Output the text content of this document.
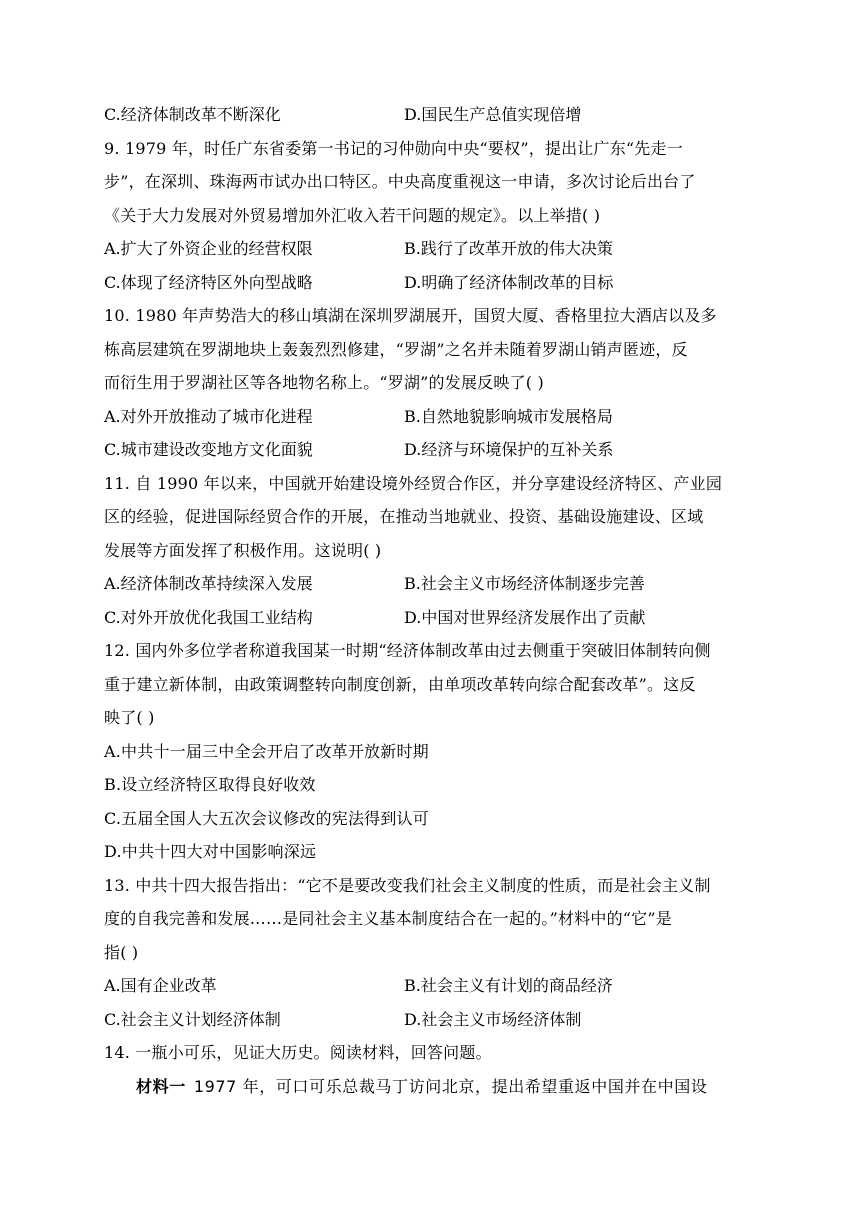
C.经济体制改革不断深化	D.国民生产总值实现倍增
9. 1979 年，时任广东省委第一书记的习仲勋向中央“要权”，提出让广东“先走一
步”，在深圳、珠海两市试办出口特区。中央高度重视这一申请，多次讨论后出台了
《关于大力发展对外贸易增加外汇收入若干问题的规定》。以上举措( )
A.扩大了外资企业的经营权限	B.践行了改革开放的伟大决策
C.体现了经济特区外向型战略	D.明确了经济体制改革的目标
10. 1980 年声势浩大的移山填湖在深圳罗湖展开，国贸大厦、香格里拉大酒店以及多
栋高层建筑在罗湖地块上轰轰烈烈修建，“罗湖”之名并未随着罗湖山销声匿迹，反
而衍生用于罗湖社区等各地物名称上。“罗湖”的发展反映了( )
A.对外开放推动了城市化进程	B.自然地貌影响城市发展格局
C.城市建设改变地方文化面貌	D.经济与环境保护的互补关系
11. 自 1990 年以来，中国就开始建设境外经贸合作区，并分享建设经济特区、产业园
区的经验，促进国际经贸合作的开展，在推动当地就业、投资、基础设施建设、区域
发展等方面发挥了积极作用。这说明( )
A.经济体制改革持续深入发展	B.社会主义市场经济体制逐步完善
C.对外开放优化我国工业结构	D.中国对世界经济发展作出了贡献
12. 国内外多位学者称道我国某一时期“经济体制改革由过去侧重于突破旧体制转向侧
重于建立新体制，由政策调整转向制度创新，由单项改革转向综合配套改革”。这反
映了( )
A.中共十一届三中全会开启了改革开放新时期
B.设立经济特区取得良好收效
C.五届全国人大五次会议修改的宪法得到认可
D.中共十四大对中国影响深远
13. 中共十四大报告指出：“它不是要改变我们社会主义制度的性质，而是社会主义制
度的自我完善和发展……是同社会主义基本制度结合在一起的。”材料中的“它”是
指( )
A.国有企业改革	B.社会主义有计划的商品经济
C.社会主义计划经济体制	D.社会主义市场经济体制
14. 一瓶小可乐，见证大历史。阅读材料，回答问题。
材料一 1977 年，可口可乐总裁马丁访问北京，提出希望重返中国并在中国设
